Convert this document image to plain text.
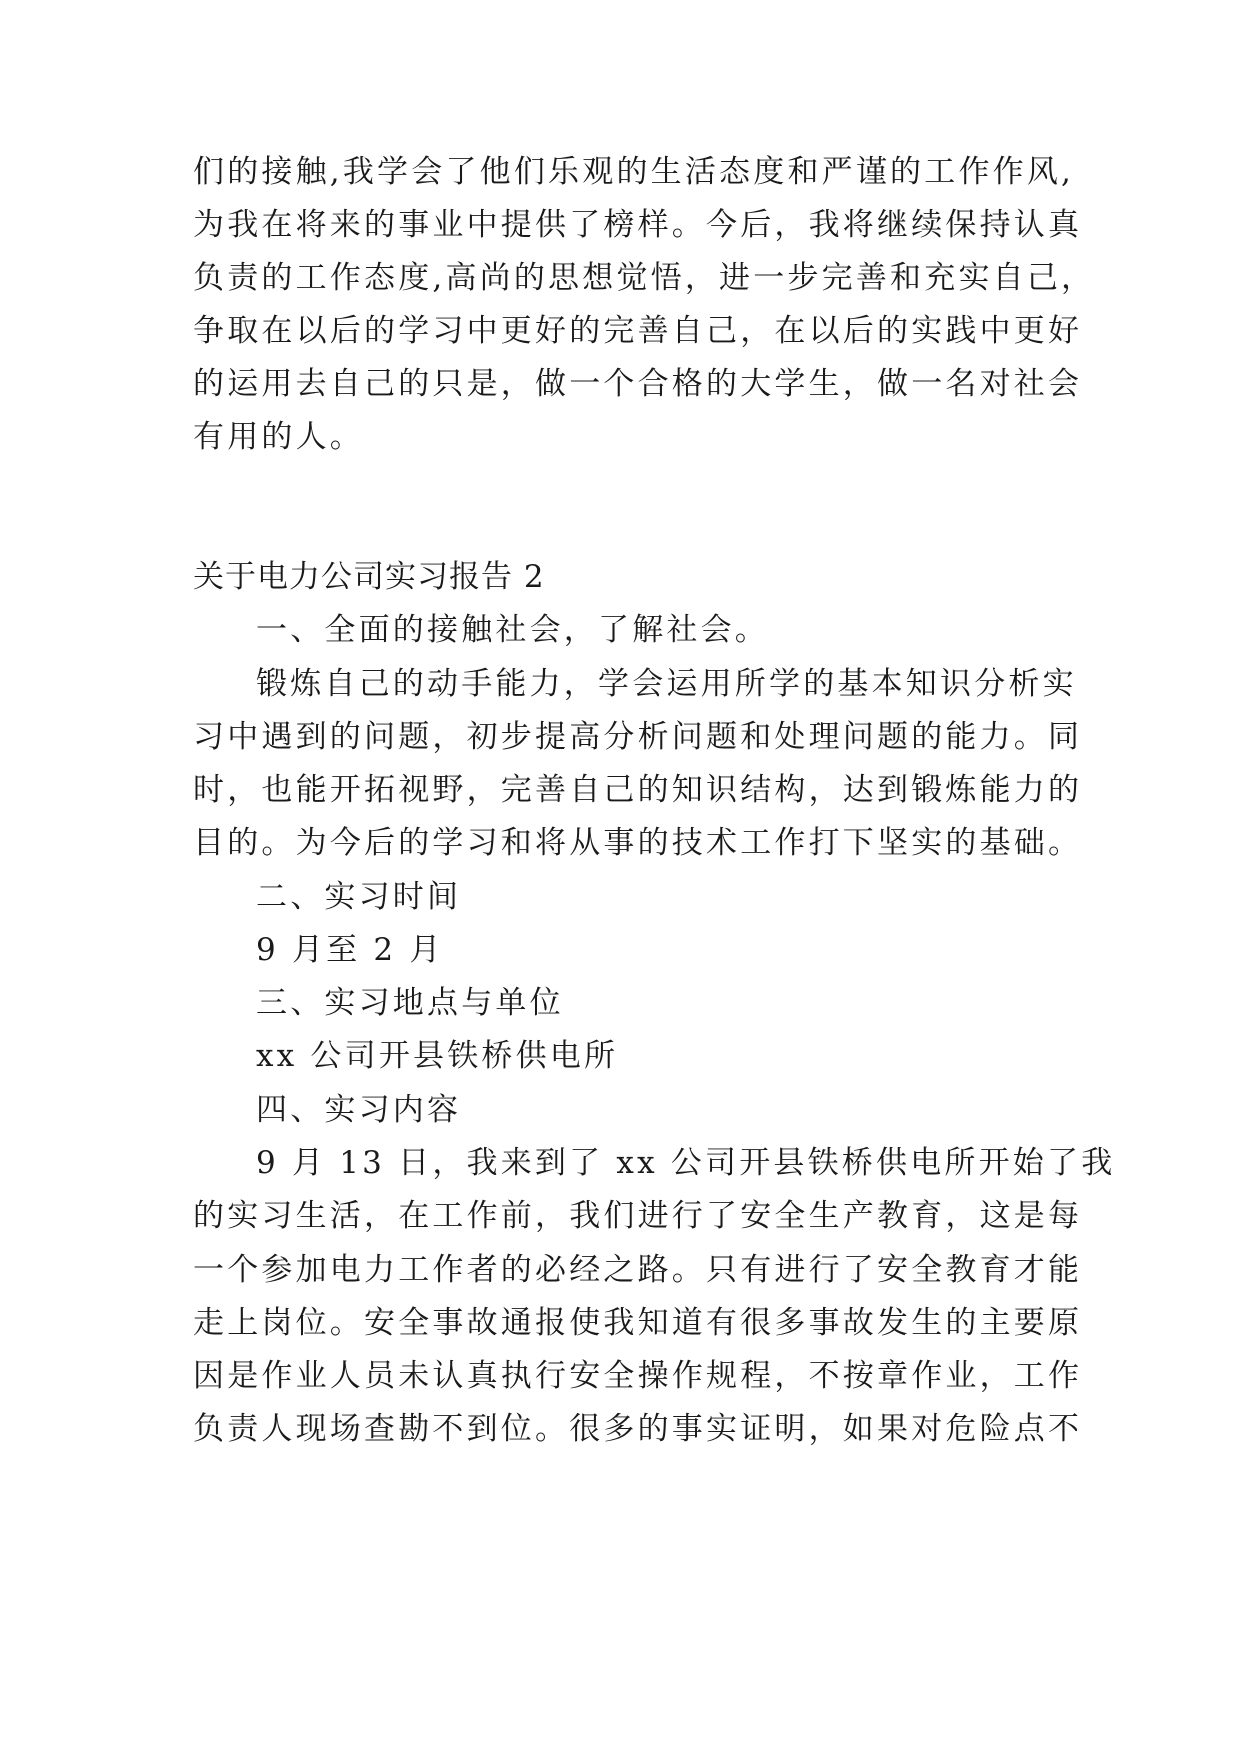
们的接触,我学会了他们乐观的生活态度和严谨的工作作风,
为我在将来的事业中提供了榜样。今后，我将继续保持认真
负责的工作态度,高尚的思想觉悟，进一步完善和充实自己，
争取在以后的学习中更好的完善自己，在以后的实践中更好
的运用去自己的只是，做一个合格的大学生，做一名对社会
有用的人。
关于电力公司实习报告 2
一、全面的接触社会，了解社会。
锻炼自己的动手能力，学会运用所学的基本知识分析实
习中遇到的问题，初步提高分析问题和处理问题的能力。同
时，也能开拓视野，完善自己的知识结构，达到锻炼能力的
目的。为今后的学习和将从事的技术工作打下坚实的基础。
二、实习时间
9 月至 2 月
三、实习地点与单位
xx 公司开县铁桥供电所
四、实习内容
9 月 13 日，我来到了 xx 公司开县铁桥供电所开始了我
的实习生活，在工作前，我们进行了安全生产教育，这是每
一个参加电力工作者的必经之路。只有进行了安全教育才能
走上岗位。安全事故通报使我知道有很多事故发生的主要原
因是作业人员未认真执行安全操作规程，不按章作业，工作
负责人现场查勘不到位。很多的事实证明，如果对危险点不
